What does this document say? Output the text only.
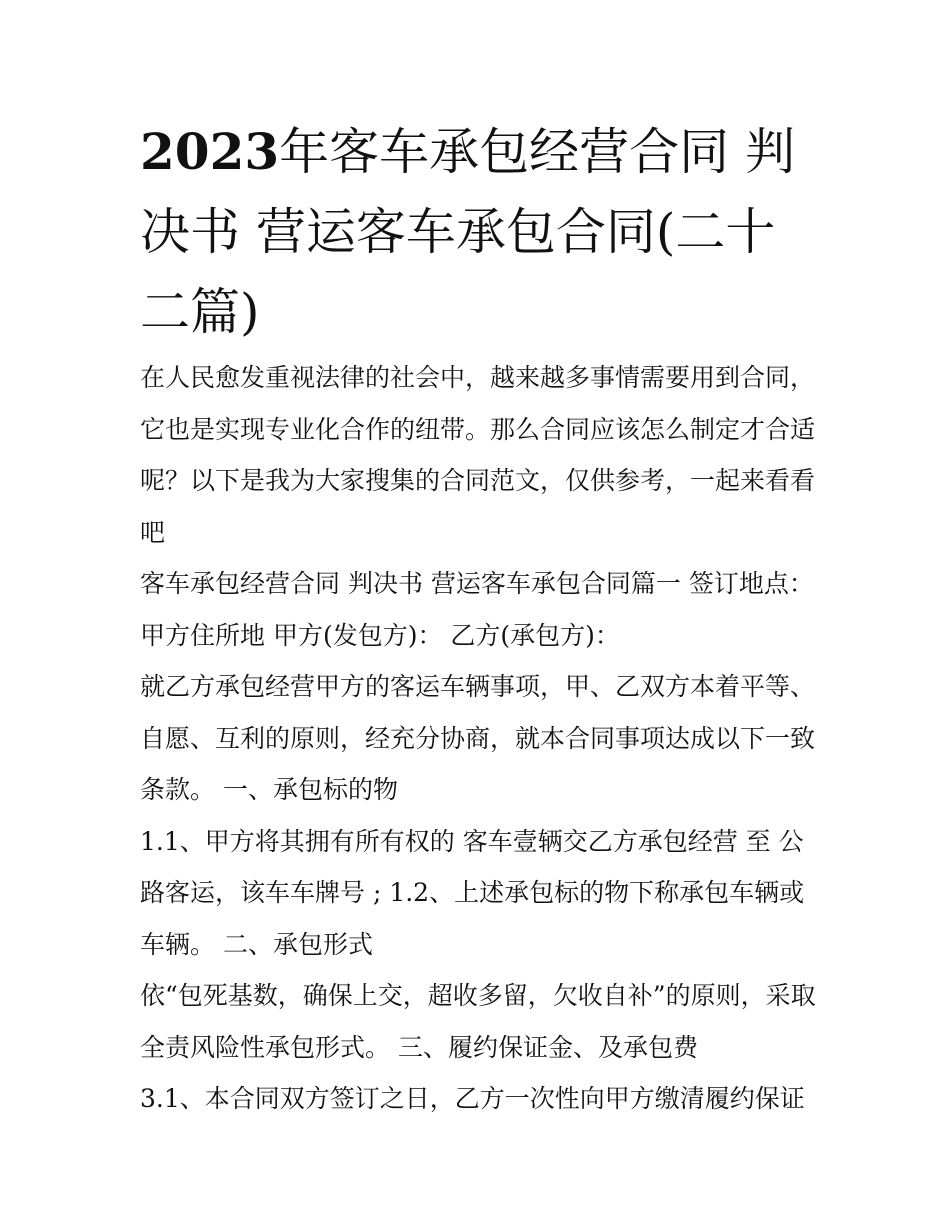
2023年客车承包经营合同 判决书 营运客车承包合同(二十二篇)

在人民愈发重视法律的社会中，越来越多事情需要用到合同，它也是实现专业化合作的纽带。那么合同应该怎么制定才合适呢？以下是我为大家搜集的合同范文，仅供参考，一起来看看吧

客车承包经营合同 判决书 营运客车承包合同篇一 签订地点：甲方住所地 甲方(发包方)： 乙方(承包方)：

就乙方承包经营甲方的客运车辆事项，甲、乙双方本着平等、自愿、互利的原则，经充分协商，就本合同事项达成以下一致条款。 一、承包标的物

1.1、甲方将其拥有所有权的 客车壹辆交乙方承包经营 至 公路客运，该车车牌号 ; 1.2、上述承包标的物下称承包车辆或车辆。 二、承包形式

依“包死基数，确保上交，超收多留，欠收自补”的原则，采取全责风险性承包形式。 三、履约保证金、及承包费

3.1、本合同双方签订之日，乙方一次性向甲方缴清履约保证
